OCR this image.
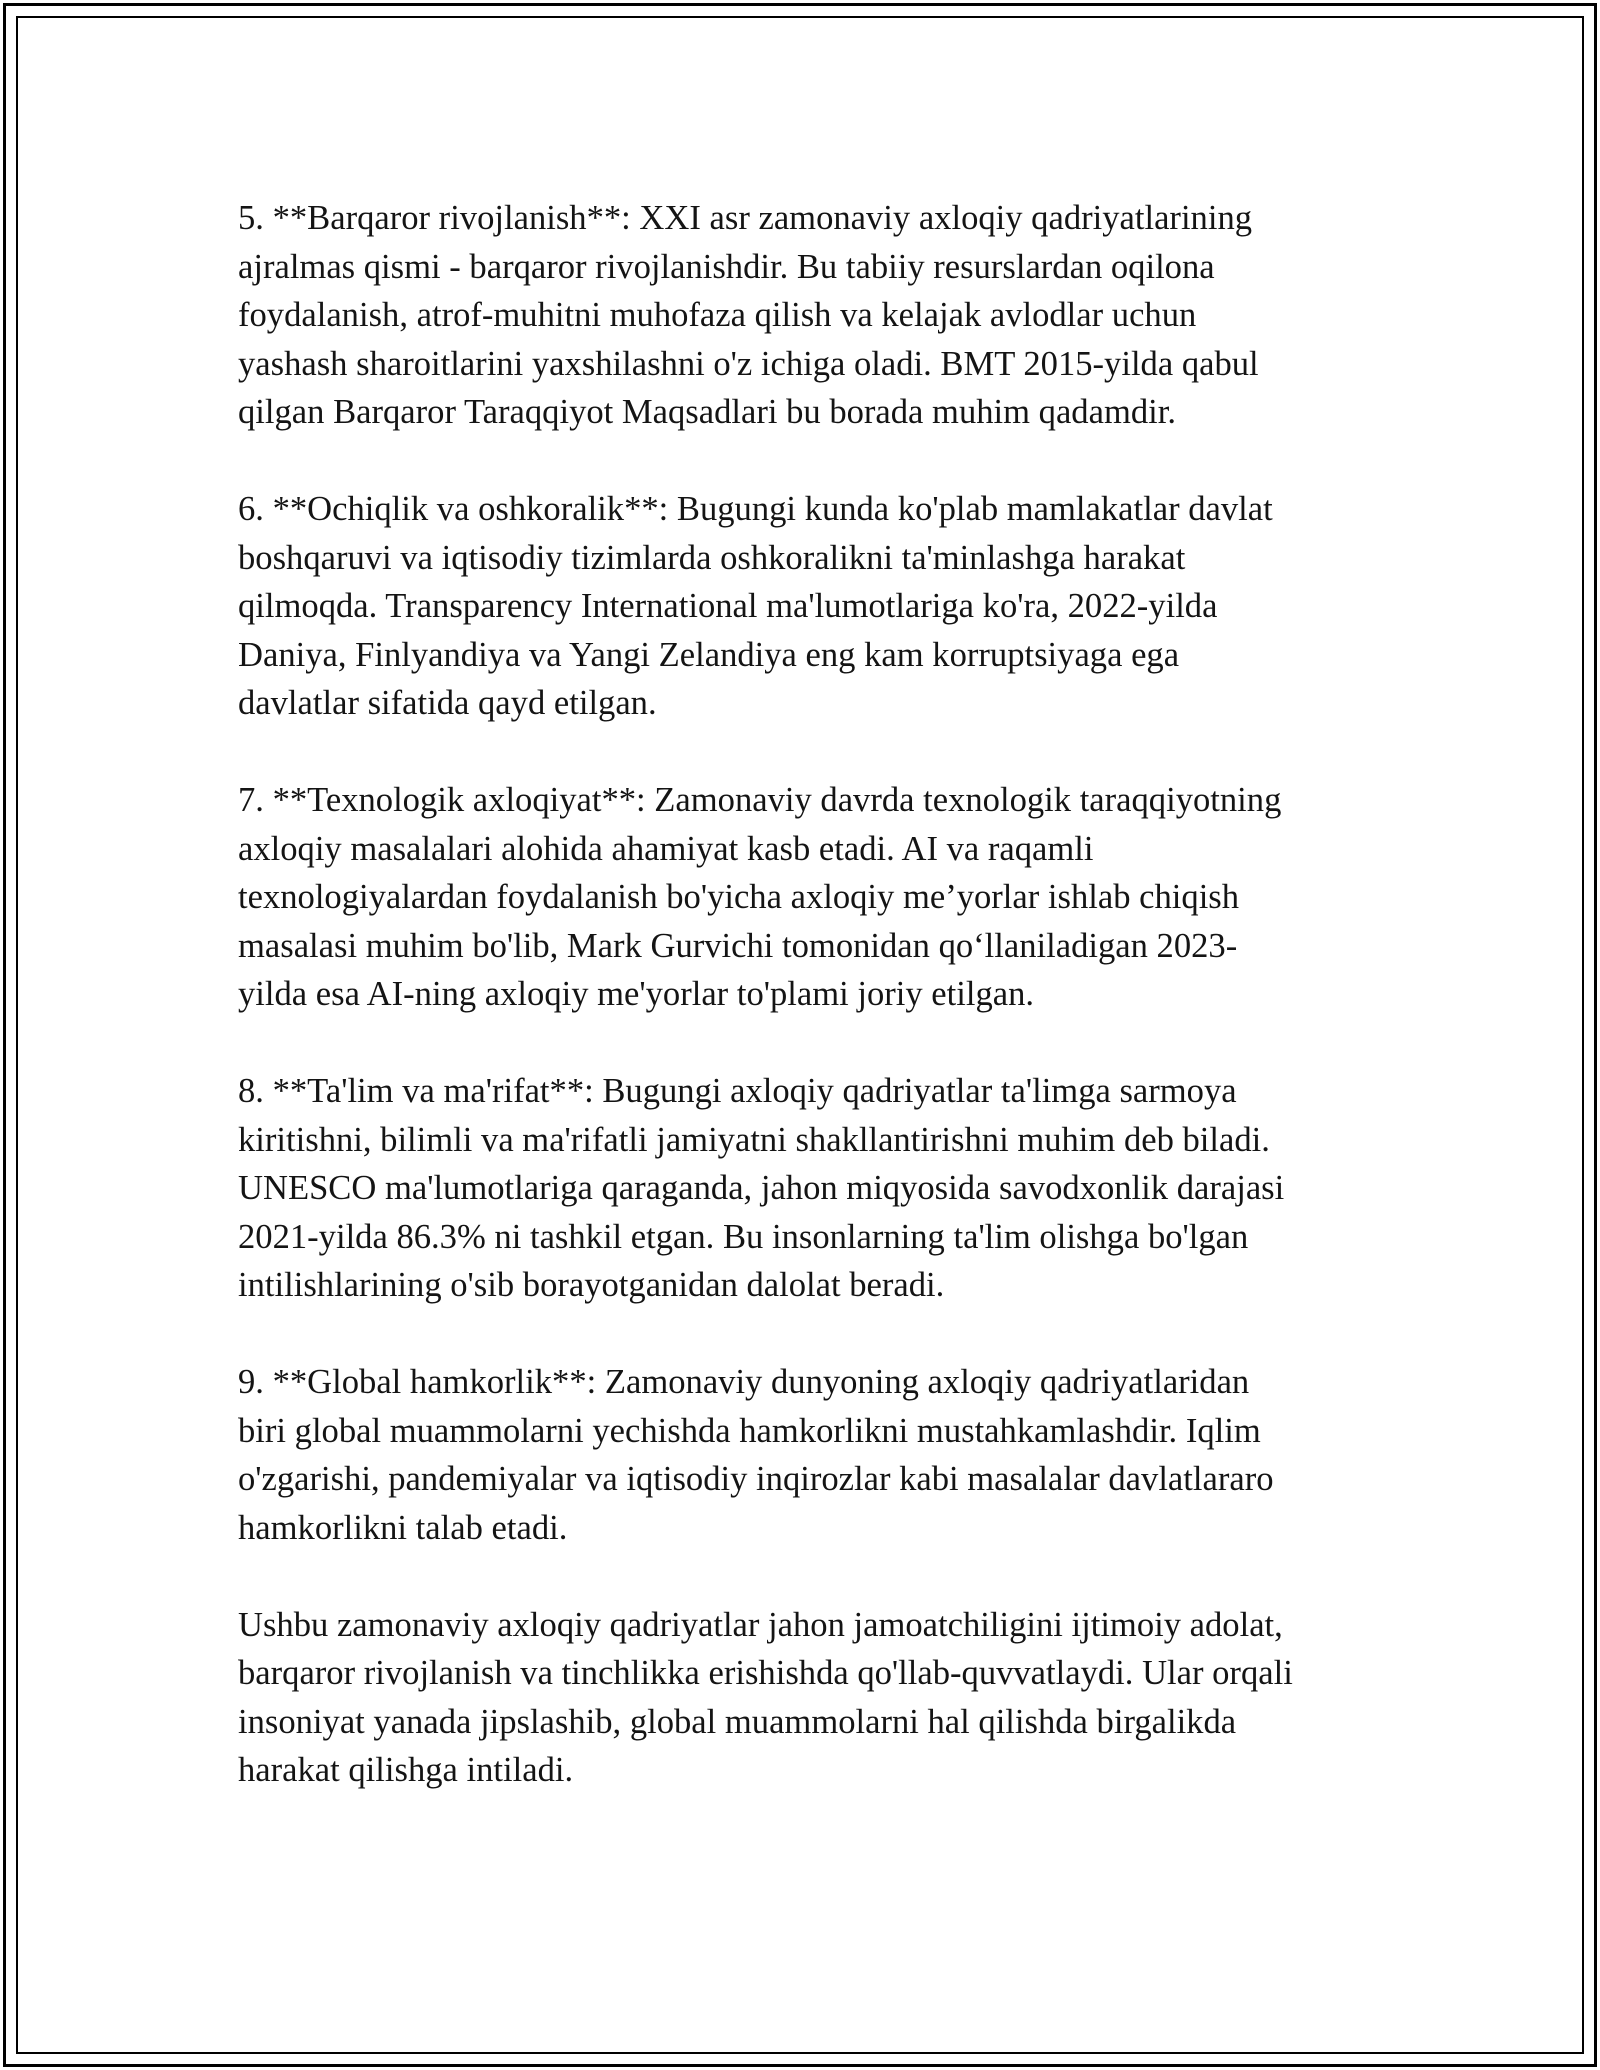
5. **Barqaror rivojlanish**: XXI asr zamonaviy axloqiy qadriyatlarining
ajralmas qismi - barqaror rivojlanishdir. Bu tabiiy resurslardan oqilona
foydalanish, atrof-muhitni muhofaza qilish va kelajak avlodlar uchun
yashash sharoitlarini yaxshilashni o'z ichiga oladi. BMT 2015-yilda qabul
qilgan Barqaror Taraqqiyot Maqsadlari bu borada muhim qadamdir.

6. **Ochiqlik va oshkoralik**: Bugungi kunda ko'plab mamlakatlar davlat
boshqaruvi va iqtisodiy tizimlarda oshkoralikni ta'minlashga harakat
qilmoqda. Transparency International ma'lumotlariga ko'ra, 2022-yilda
Daniya, Finlyandiya va Yangi Zelandiya eng kam korruptsiyaga ega
davlatlar sifatida qayd etilgan.

7. **Texnologik axloqiyat**: Zamonaviy davrda texnologik taraqqiyotning
axloqiy masalalari alohida ahamiyat kasb etadi. AI va raqamli
texnologiyalardan foydalanish bo'yicha axloqiy me’yorlar ishlab chiqish
masalasi muhim bo'lib, Mark Gurvichi tomonidan qo‘llaniladigan 2023-
yilda esa AI-ning axloqiy me'yorlar to'plami joriy etilgan.

8. **Ta'lim va ma'rifat**: Bugungi axloqiy qadriyatlar ta'limga sarmoya
kiritishni, bilimli va ma'rifatli jamiyatni shakllantirishni muhim deb biladi.
UNESCO ma'lumotlariga qaraganda, jahon miqyosida savodxonlik darajasi
2021-yilda 86.3% ni tashkil etgan. Bu insonlarning ta'lim olishga bo'lgan
intilishlarining o'sib borayotganidan dalolat beradi.

9. **Global hamkorlik**: Zamonaviy dunyoning axloqiy qadriyatlaridan
biri global muammolarni yechishda hamkorlikni mustahkamlashdir. Iqlim
o'zgarishi, pandemiyalar va iqtisodiy inqirozlar kabi masalalar davlatlararo
hamkorlikni talab etadi.

Ushbu zamonaviy axloqiy qadriyatlar jahon jamoatchiligini ijtimoiy adolat,
barqaror rivojlanish va tinchlikka erishishda qo'llab-quvvatlaydi. Ular orqali
insoniyat yanada jipslashib, global muammolarni hal qilishda birgalikda
harakat qilishga intiladi.
